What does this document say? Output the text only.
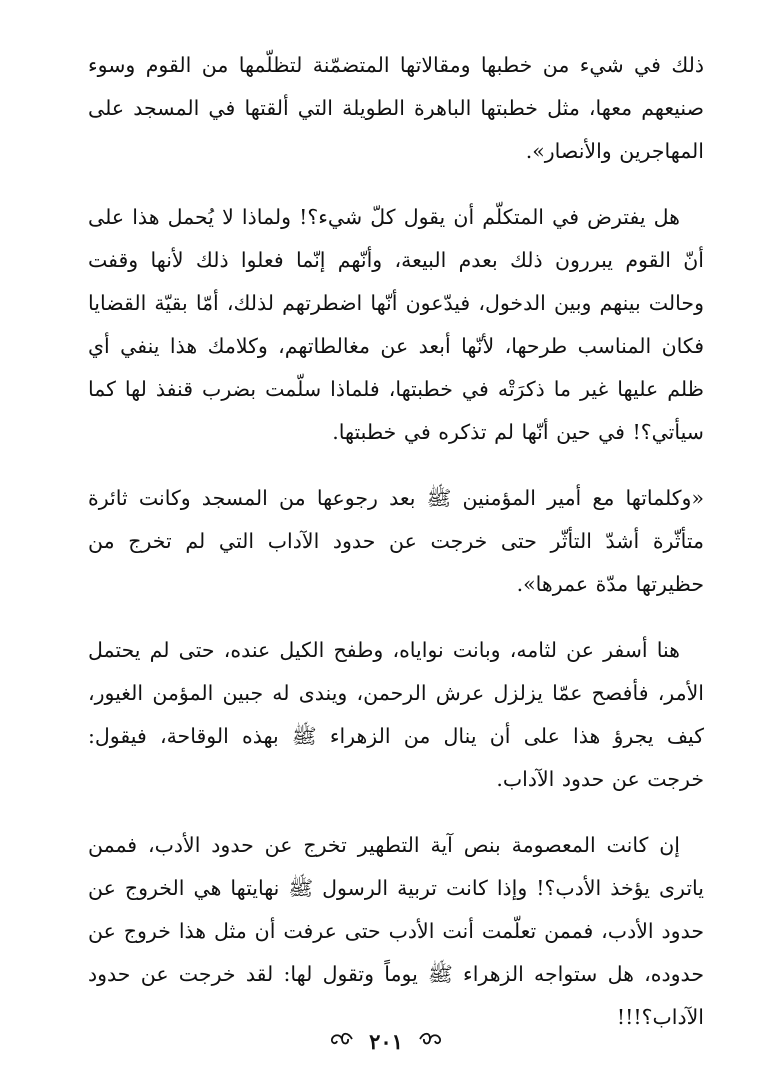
ذلك في شيء من خطبها ومقالاتها المتضمّنة لتظلّمها من القوم وسوء صنيعهم معها، مثل خطبتها الباهرة الطويلة التي ألقتها في المسجد على المهاجرين والأنصار».

هل يفترض في المتكلّم أن يقول كلّ شيء؟! ولماذا لا يُحمل هذا على أنّ القوم يبررون ذلك بعدم البيعة، وأنّهم إنّما فعلوا ذلك لأنها وقفت وحالت بينهم وبين الدخول، فيدّعون أنّها اضطرتهم لذلك، أمّا بقيّة القضايا فكان المناسب طرحها، لأنّها أبعد عن مغالطاتهم، وكلامك هذا ينفي أي ظلم عليها غير ما ذكرَتْه في خطبتها، فلماذا سلّمت بضرب قنفذ لها كما سيأتي؟! في حين أنّها لم تذكره في خطبتها.

«وكلماتها مع أمير المؤمنين ﷺ بعد رجوعها من المسجد وكانت ثائرة متأثّرة أشدّ التأثّر حتى خرجت عن حدود الآداب التي لم تخرج من حظيرتها مدّة عمرها».

هنا أسفر عن لثامه، وبانت نواياه، وطفح الكيل عنده، حتى لم يحتمل الأمر، فأفصح عمّا يزلزل عرش الرحمن، ويندى له جبين المؤمن الغيور، كيف يجرؤ هذا على أن ينال من الزهراء ﷺ بهذه الوقاحة، فيقول: خرجت عن حدود الآداب.

إن كانت المعصومة بنص آية التطهير تخرج عن حدود الأدب، فممن ياترى يؤخذ الأدب؟! وإذا كانت تربية الرسول ﷺ نهايتها هي الخروج عن حدود الأدب، فممن تعلّمت أنت الأدب حتى عرفت أن مثل هذا خروج عن حدوده، هل ستواجه الزهراء ﷺ يوماً وتقول لها: لقد خرجت عن حدود الآداب؟!!!

٢٠١
